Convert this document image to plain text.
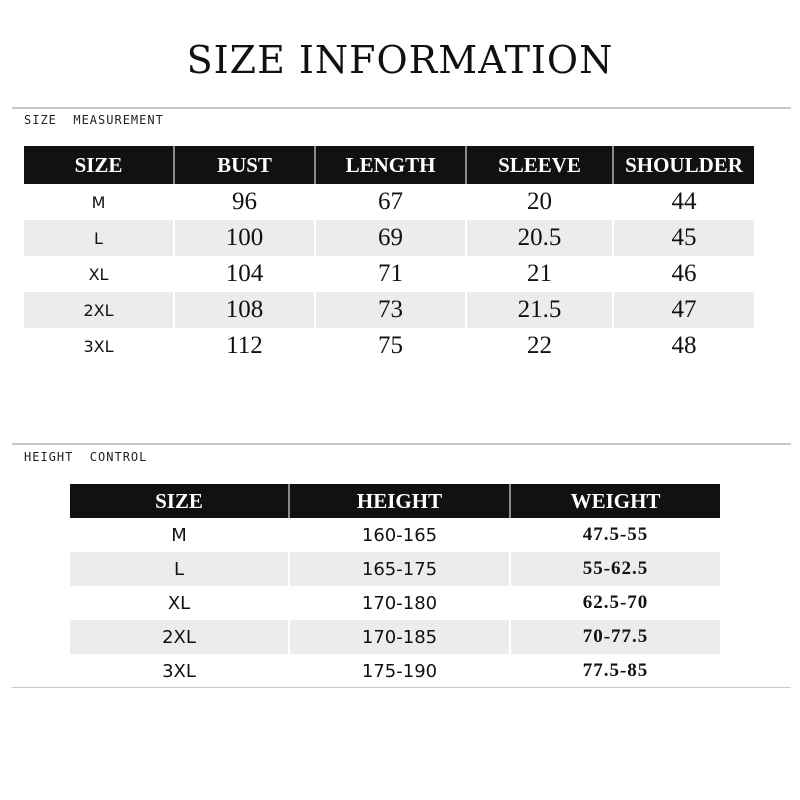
SIZE INFORMATION
SIZE  MEASUREMENT
SIZE	BUST	LENGTH	SLEEVE	SHOULDER
M	96	67	20	44
L	100	69	20.5	45
XL	104	71	21	46
2XL	108	73	21.5	47
3XL	112	75	22	48
HEIGHT  CONTROL
SIZE	HEIGHT	WEIGHT
M	160-165	47.5-55
L	165-175	55-62.5
XL	170-180	62.5-70
2XL	170-185	70-77.5
3XL	175-190	77.5-85
